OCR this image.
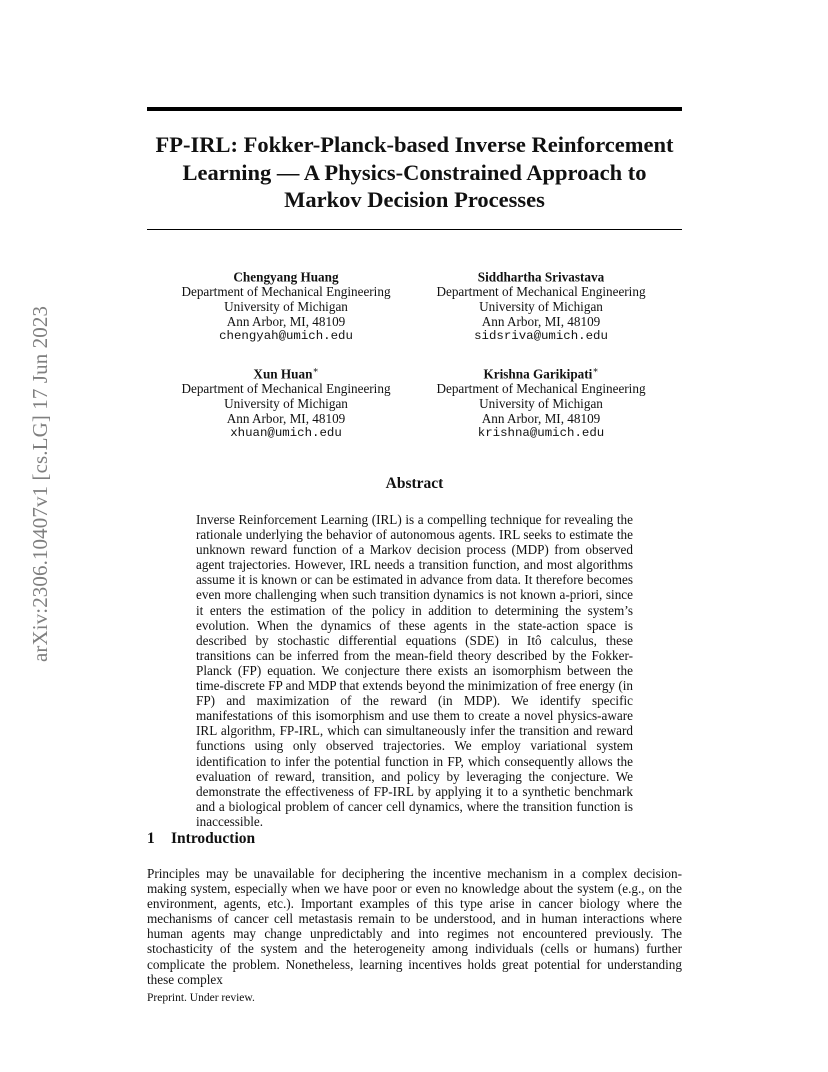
arXiv:2306.10407v1 [cs.LG] 17 Jun 2023
FP-IRL: Fokker-Planck-based Inverse Reinforcement
Learning — A Physics-Constrained Approach to
Markov Decision Processes
Chengyang Huang
Department of Mechanical Engineering
University of Michigan
Ann Arbor, MI, 48109
chengyah@umich.edu
Siddhartha Srivastava
Department of Mechanical Engineering
University of Michigan
Ann Arbor, MI, 48109
sidsriva@umich.edu
Xun Huan∗
Department of Mechanical Engineering
University of Michigan
Ann Arbor, MI, 48109
xhuan@umich.edu
Krishna Garikipati∗
Department of Mechanical Engineering
University of Michigan
Ann Arbor, MI, 48109
krishna@umich.edu
Abstract
Inverse Reinforcement Learning (IRL) is a compelling technique for revealing the rationale underlying the behavior of autonomous agents. IRL seeks to estimate the unknown reward function of a Markov decision process (MDP) from observed agent trajectories. However, IRL needs a transition function, and most algorithms assume it is known or can be estimated in advance from data. It therefore becomes even more challenging when such transition dynamics is not known a-priori, since it enters the estimation of the policy in addition to determining the system’s evolution. When the dynamics of these agents in the state-action space is described by stochastic differential equations (SDE) in Itô calculus, these transitions can be inferred from the mean-field theory described by the Fokker-Planck (FP) equation. We conjecture there exists an isomorphism between the time-discrete FP and MDP that extends beyond the minimization of free energy (in FP) and maximization of the reward (in MDP). We identify specific manifestations of this isomorphism and use them to create a novel physics-aware IRL algorithm, FP-IRL, which can simultaneously infer the transition and reward functions using only observed trajectories. We employ variational system identification to infer the potential function in FP, which consequently allows the evaluation of reward, transition, and policy by leveraging the conjecture. We demonstrate the effectiveness of FP-IRL by applying it to a synthetic benchmark and a biological problem of cancer cell dynamics, where the transition function is inaccessible.
1 Introduction
Principles may be unavailable for deciphering the incentive mechanism in a complex decision-making system, especially when we have poor or even no knowledge about the system (e.g., on the environment, agents, etc.). Important examples of this type arise in cancer biology where the mechanisms of cancer cell metastasis remain to be understood, and in human interactions where human agents may change unpredictably and into regimes not encountered previously. The stochasticity of the system and the heterogeneity among individuals (cells or humans) further complicate the problem. Nonetheless, learning incentives holds great potential for understanding these complex
Preprint. Under review.
